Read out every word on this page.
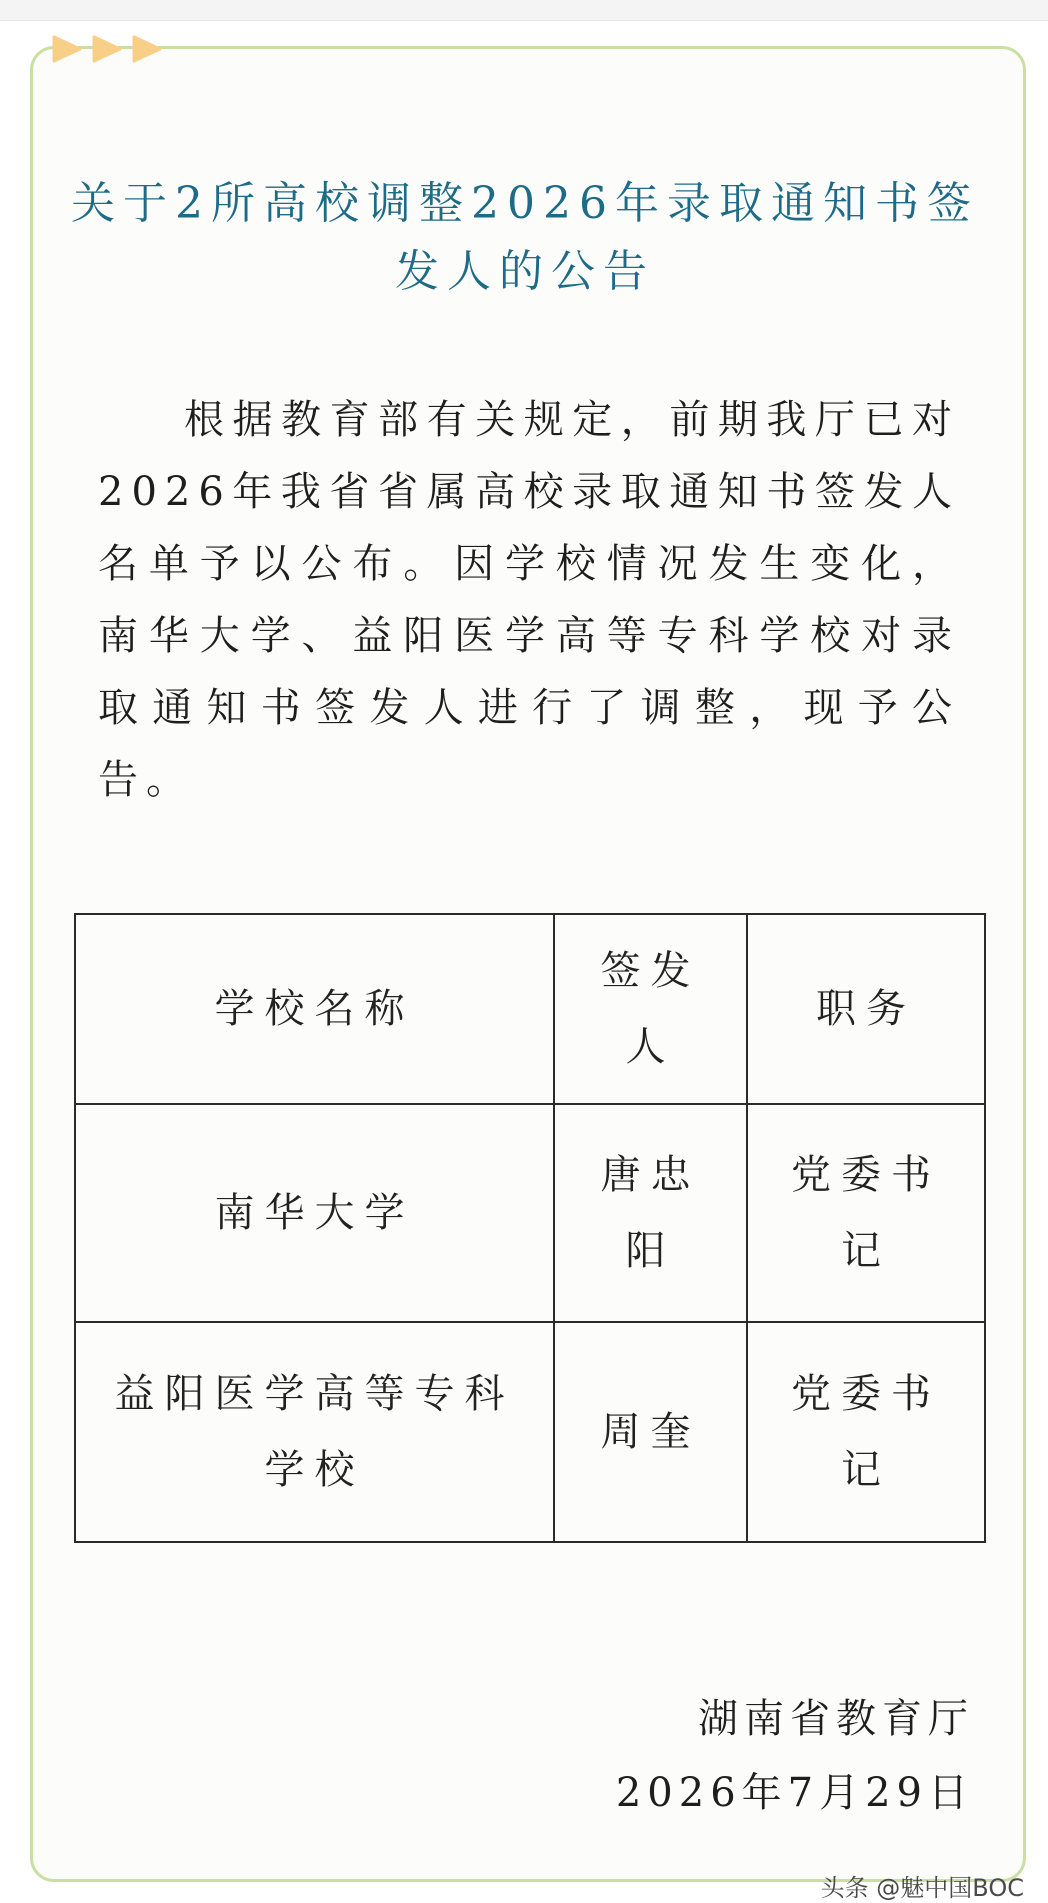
关于2所高校调整2026年录取通知书签发人的公告

根据教育部有关规定，前期我厅已对2026年我省省属高校录取通知书签发人名单予以公布。因学校情况发生变化，南华大学、益阳医学高等专科学校对录取通知书签发人进行了调整，现予公告。

学校名称	签发人	职务
南华大学	唐忠阳	党委书记
益阳医学高等专科学校	周奎	党委书记
湖南省教育厅
2026年7月29日
头条 @魅中国BOC
